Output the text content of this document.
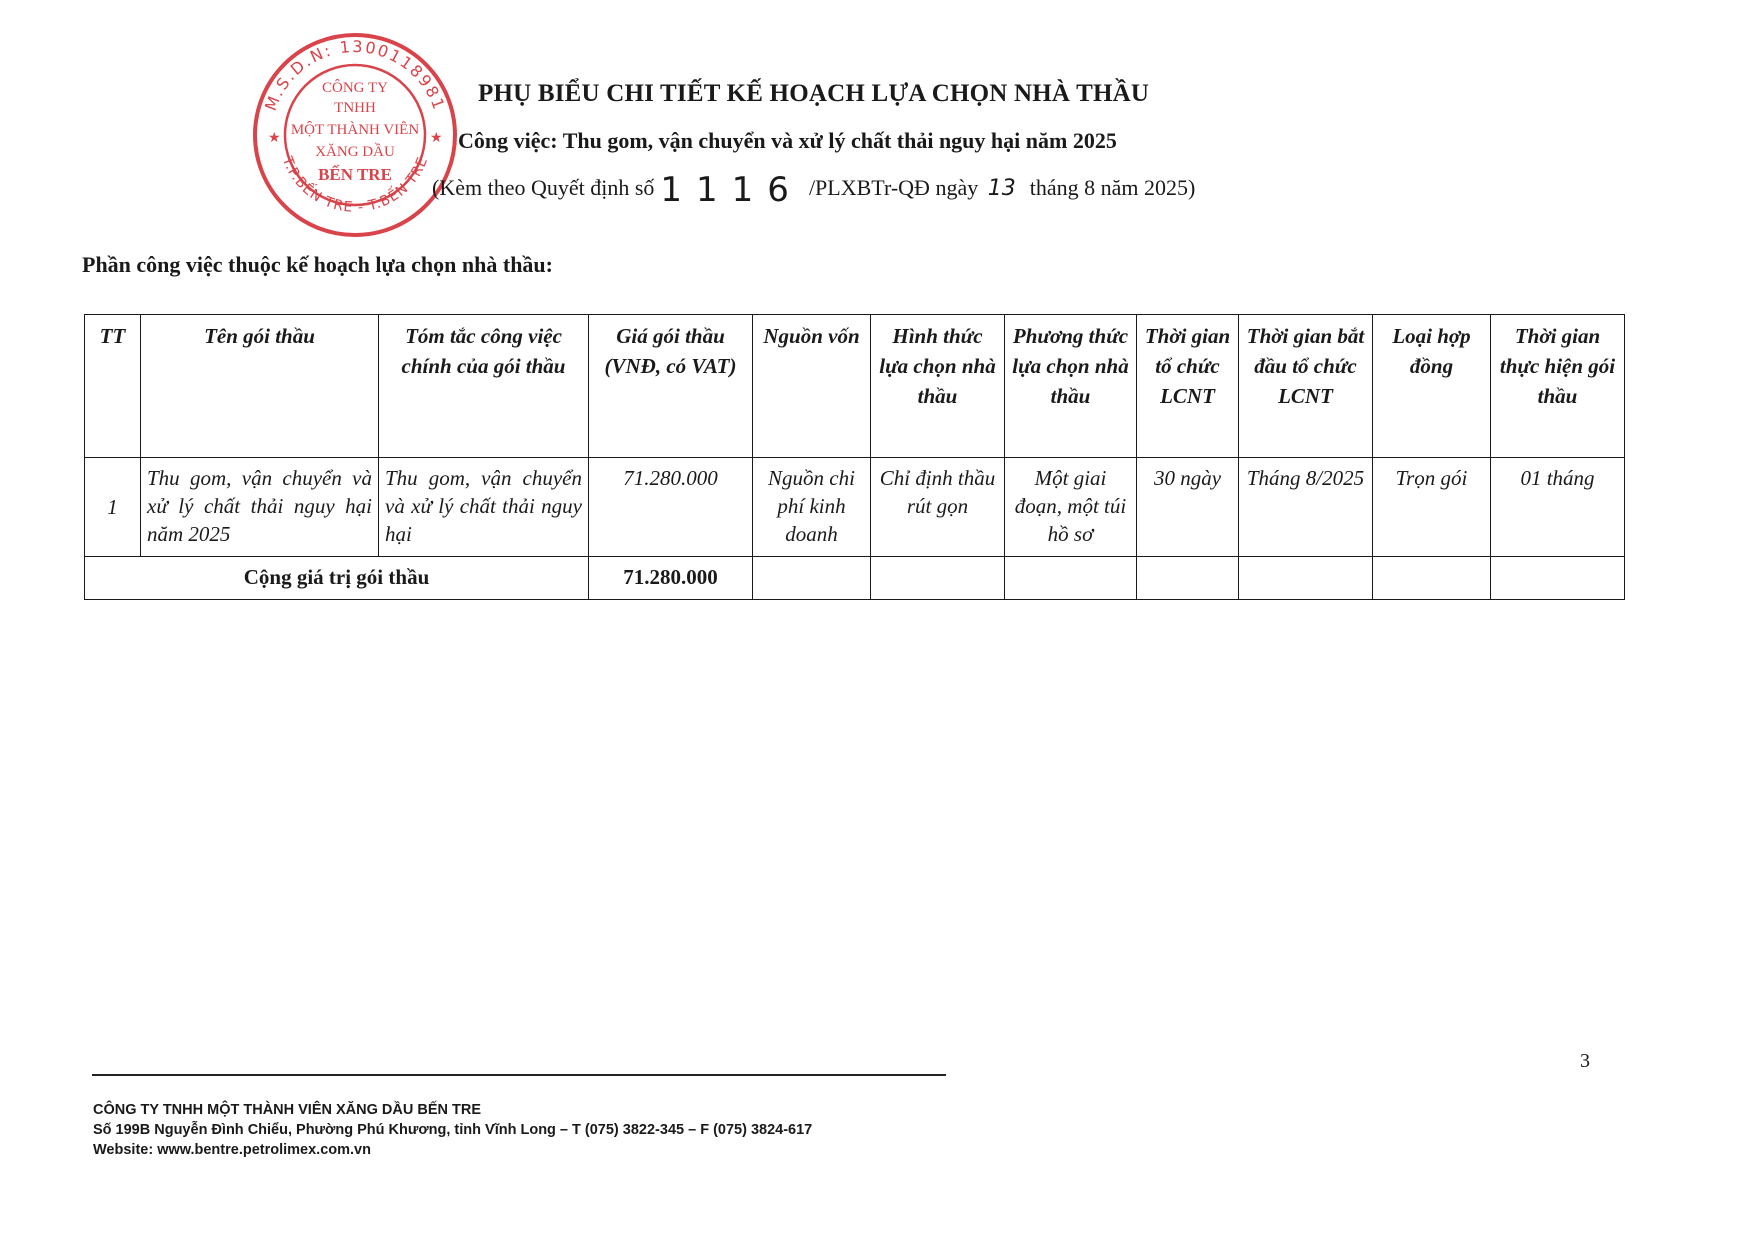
M.S.D.N: 1300118981
T.P.BẾN TRE - T.BẾN TRE
★	★
CÔNG TY
TNHH
MỘT THÀNH VIÊN
XĂNG DẦU
BẾN TRE
PHỤ BIỂU CHI TIẾT KẾ HOẠCH LỰA CHỌN NHÀ THẦU
Công việc: Thu gom, vận chuyển và xử lý chất thải nguy hại năm 2025
(Kèm theo Quyết định số 1116 /PLXBTr-QĐ ngày 13 tháng 8 năm 2025)
Phần công việc thuộc kế hoạch lựa chọn nhà thầu:
TT	Tên gói thầu	Tóm tắc công việc chính của gói thầu	Giá gói thầu (VNĐ, có VAT)	Nguồn vốn	Hình thức lựa chọn nhà thầu	Phương thức lựa chọn nhà thầu	Thời gian tổ chức LCNT	Thời gian bắt đầu tổ chức LCNT	Loại hợp đồng	Thời gian thực hiện gói thầu
1	Thu gom, vận chuyển và xử lý chất thải nguy hại năm 2025	Thu gom, vận chuyển và xử lý chất thải nguy hại	71.280.000	Nguồn chi phí kinh doanh	Chỉ định thầu rút gọn	Một giai đoạn, một túi hồ sơ	30 ngày	Tháng 8/2025	Trọn gói	01 tháng
Cộng giá trị gói thầu			71.280.000							
3
CÔNG TY TNHH MỘT THÀNH VIÊN XĂNG DẦU BẾN TRE
Số 199B Nguyễn Đình Chiểu, Phường Phú Khương, tỉnh Vĩnh Long – T (075) 3822-345 – F (075) 3824-617
Website: www.bentre.petrolimex.com.vn
